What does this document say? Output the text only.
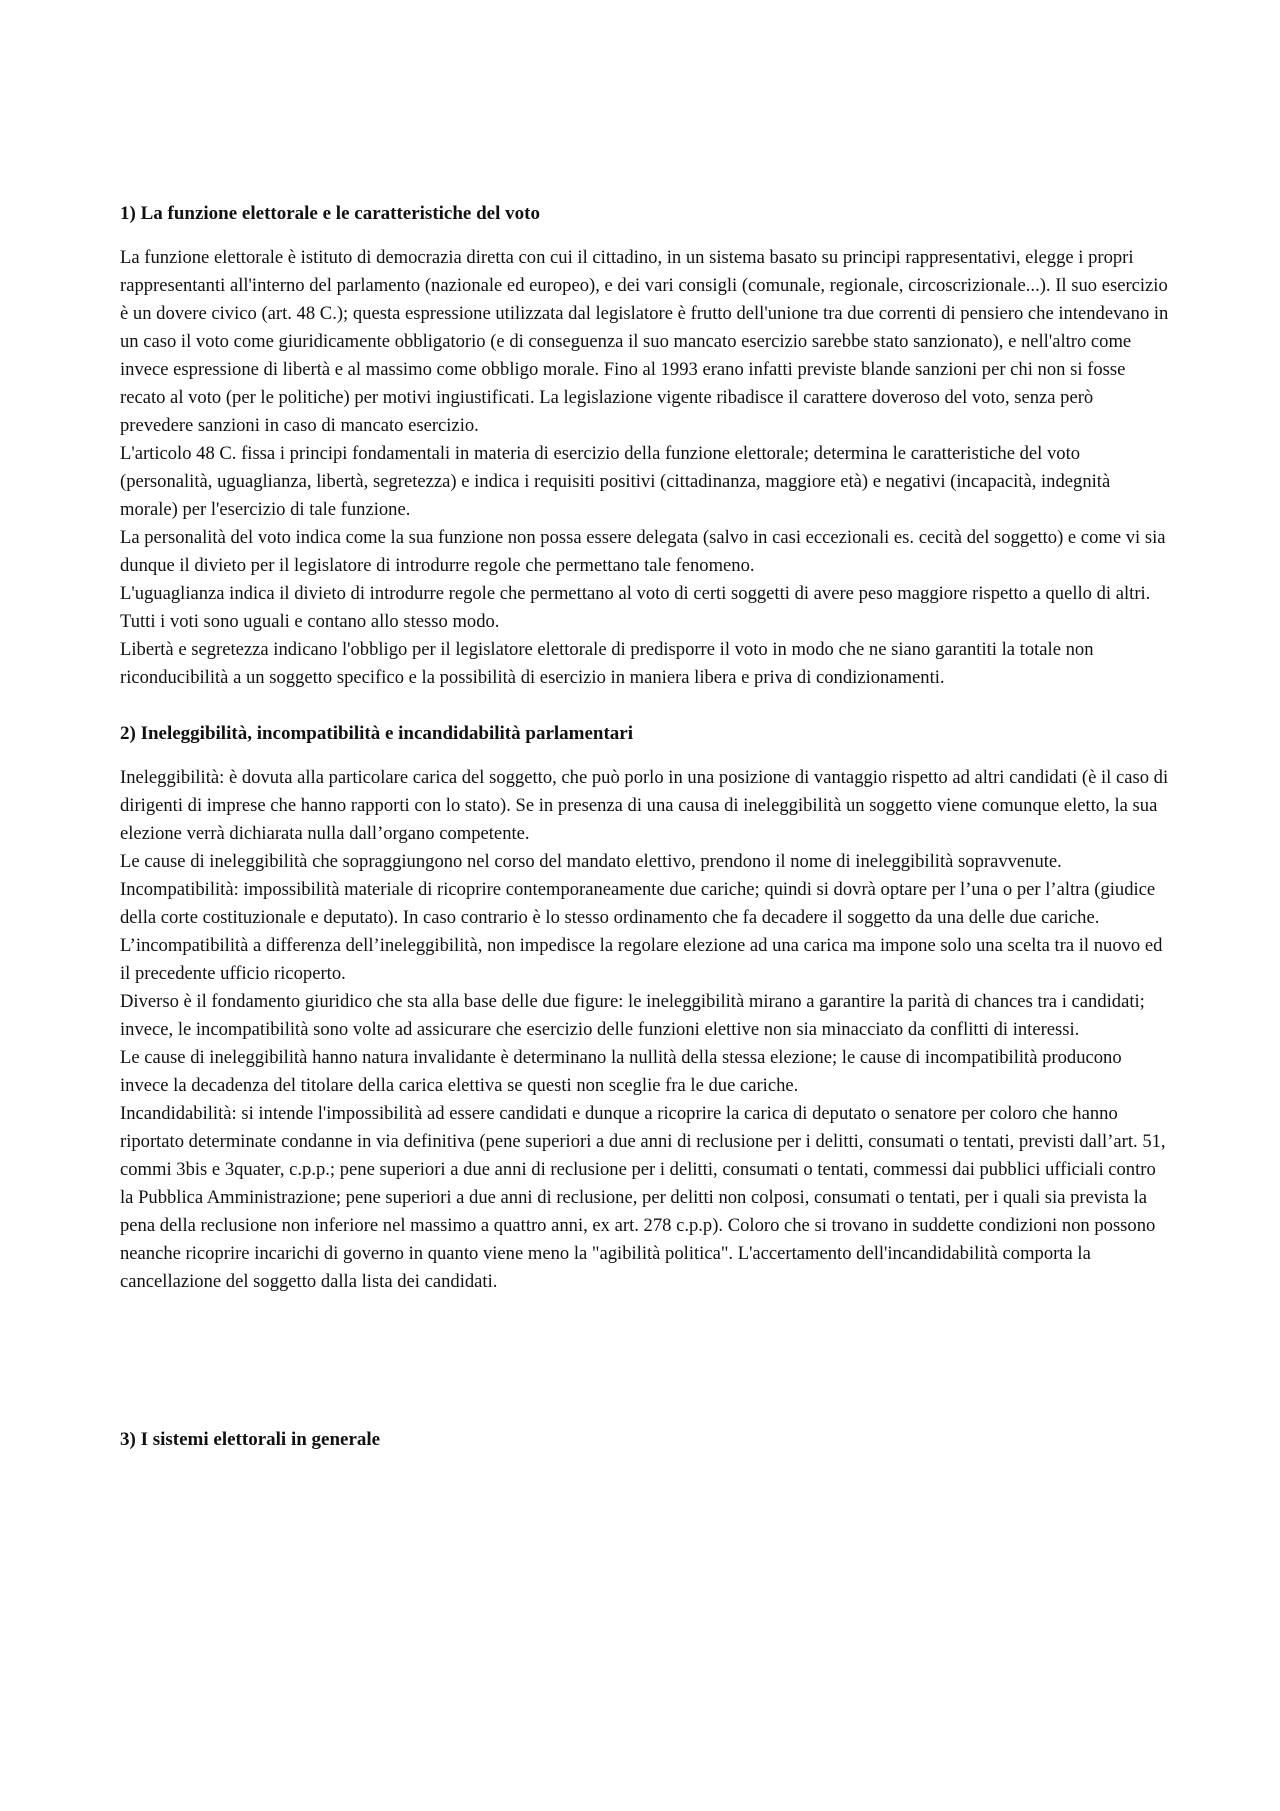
1) La funzione elettorale e le caratteristiche del voto

La funzione elettorale è istituto di democrazia diretta con cui il cittadino, in un sistema basato su principi rappresentativi, elegge i propri rappresentanti all'interno del parlamento (nazionale ed europeo), e dei vari consigli (comunale, regionale, circoscrizionale...). Il suo esercizio è un dovere civico (art. 48 C.); questa espressione utilizzata dal legislatore è frutto dell'unione tra due correnti di pensiero che intendevano in un caso il voto come giuridicamente obbligatorio (e di conseguenza il suo mancato esercizio sarebbe stato sanzionato), e nell'altro come invece espressione di libertà e al massimo come obbligo morale. Fino al 1993 erano infatti previste blande sanzioni per chi non si fosse recato al voto (per le politiche) per motivi ingiustificati. La legislazione vigente ribadisce il carattere doveroso del voto, senza però prevedere sanzioni in caso di mancato esercizio.

L'articolo 48 C. fissa i principi fondamentali in materia di esercizio della funzione elettorale; determina le caratteristiche del voto (personalità, uguaglianza, libertà, segretezza) e indica i requisiti positivi (cittadinanza, maggiore età) e negativi (incapacità, indegnità morale) per l'esercizio di tale funzione.

La personalità del voto indica come la sua funzione non possa essere delegata (salvo in casi eccezionali es. cecità del soggetto) e come vi sia dunque il divieto per il legislatore di introdurre regole che permettano tale fenomeno.

L'uguaglianza indica il divieto di introdurre regole che permettano al voto di certi soggetti di avere peso maggiore rispetto a quello di altri. Tutti i voti sono uguali e contano allo stesso modo.

Libertà e segretezza indicano l'obbligo per il legislatore elettorale di predisporre il voto in modo che ne siano garantiti la totale non riconducibilità a un soggetto specifico e la possibilità di esercizio in maniera libera e priva di condizionamenti.

2) Ineleggibilità, incompatibilità e incandidabilità parlamentari

Ineleggibilità: è dovuta alla particolare carica del soggetto, che può porlo in una posizione di vantaggio rispetto ad altri candidati (è il caso di dirigenti di imprese che hanno rapporti con lo stato). Se in presenza di una causa di ineleggibilità un soggetto viene comunque eletto, la sua elezione verrà dichiarata nulla dall’organo competente.

Le cause di ineleggibilità che sopraggiungono nel corso del mandato elettivo, prendono il nome di ineleggibilità sopravvenute.

Incompatibilità: impossibilità materiale di ricoprire contemporaneamente due cariche; quindi si dovrà optare per l’una o per l’altra (giudice della corte costituzionale e deputato). In caso contrario è lo stesso ordinamento che fa decadere il soggetto da una delle due cariche. L’incompatibilità a differenza dell’ineleggibilità, non impedisce la regolare elezione ad una carica ma impone solo una scelta tra il nuovo ed il precedente ufficio ricoperto.

Diverso è il fondamento giuridico che sta alla base delle due figure: le ineleggibilità mirano a garantire la parità di chances tra i candidati; invece, le incompatibilità sono volte ad assicurare che esercizio delle funzioni elettive non sia minacciato da conflitti di interessi.

Le cause di ineleggibilità hanno natura invalidante è determinano la nullità della stessa elezione; le cause di incompatibilità producono invece la decadenza del titolare della carica elettiva se questi non sceglie fra le due cariche.

Incandidabilità: si intende l'impossibilità ad essere candidati e dunque a ricoprire la carica di deputato o senatore per coloro che hanno riportato determinate condanne in via definitiva (pene superiori a due anni di reclusione per i delitti, consumati o tentati, previsti dall’art. 51, commi 3bis e 3quater, c.p.p.; pene superiori a due anni di reclusione per i delitti, consumati o tentati, commessi dai pubblici ufficiali contro la Pubblica Amministrazione; pene superiori a due anni di reclusione, per delitti non colposi, consumati o tentati, per i quali sia prevista la pena della reclusione non inferiore nel massimo a quattro anni, ex art. 278 c.p.p). Coloro che si trovano in suddette condizioni non possono neanche ricoprire incarichi di governo in quanto viene meno la "agibilità politica". L'accertamento dell'incandidabilità comporta la cancellazione del soggetto dalla lista dei candidati.

3) I sistemi elettorali in generale
